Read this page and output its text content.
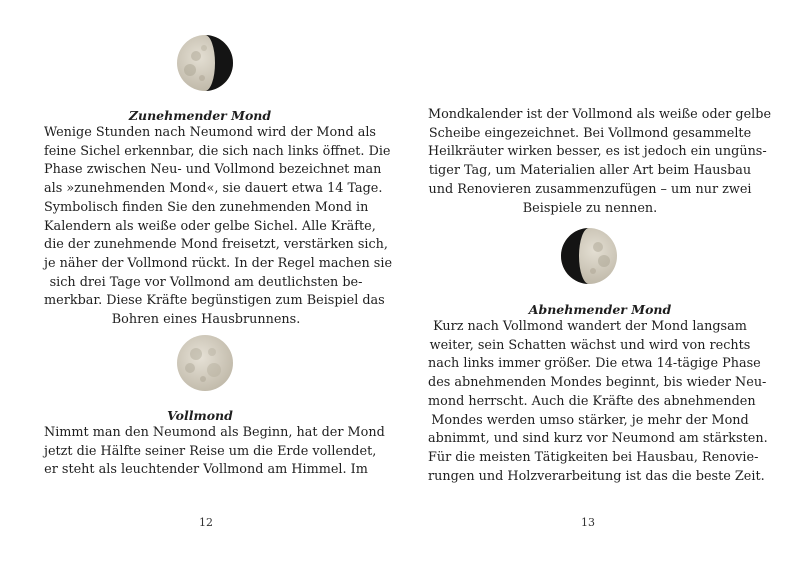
Zunehmender Mond
Wenige Stunden nach Neumond wird der Mond als
feine Sichel erkennbar, die sich nach links öffnet. Die
Phase zwischen Neu- und Vollmond bezeichnet man
als »zunehmenden Mond«, sie dauert etwa 14 Tage.
Symbolisch finden Sie den zunehmenden Mond in
Kalendern als weiße oder gelbe Sichel. Alle Kräfte,
die der zunehmende Mond freisetzt, verstärken sich,
je näher der Vollmond rückt. In der Regel machen sie
sich drei Tage vor Vollmond am deutlichsten be-
merkbar. Diese Kräfte begünstigen zum Beispiel das
Bohren eines Hausbrunnens.
Vollmond
Nimmt man den Neumond als Beginn, hat der Mond
jetzt die Hälfte seiner Reise um die Erde vollendet,
er steht als leuchtender Vollmond am Himmel. Im
12
Mondkalender ist der Vollmond als weiße oder gelbe
Scheibe eingezeichnet. Bei Vollmond gesammelte
Heilkräuter wirken besser, es ist jedoch ein ungüns-
tiger Tag, um Materialien aller Art beim Hausbau
und Renovieren zusammenzufügen – um nur zwei
Beispiele zu nennen.
Abnehmender Mond
Kurz nach Vollmond wandert der Mond langsam
weiter, sein Schatten wächst und wird von rechts
nach links immer größer. Die etwa 14-tägige Phase
des abnehmenden Mondes beginnt, bis wieder Neu-
mond herrscht. Auch die Kräfte des abnehmenden
Mondes werden umso stärker, je mehr der Mond
abnimmt, und sind kurz vor Neumond am stärksten.
Für die meisten Tätigkeiten bei Hausbau, Renovie-
rungen und Holzverarbeitung ist das die beste Zeit.
13
